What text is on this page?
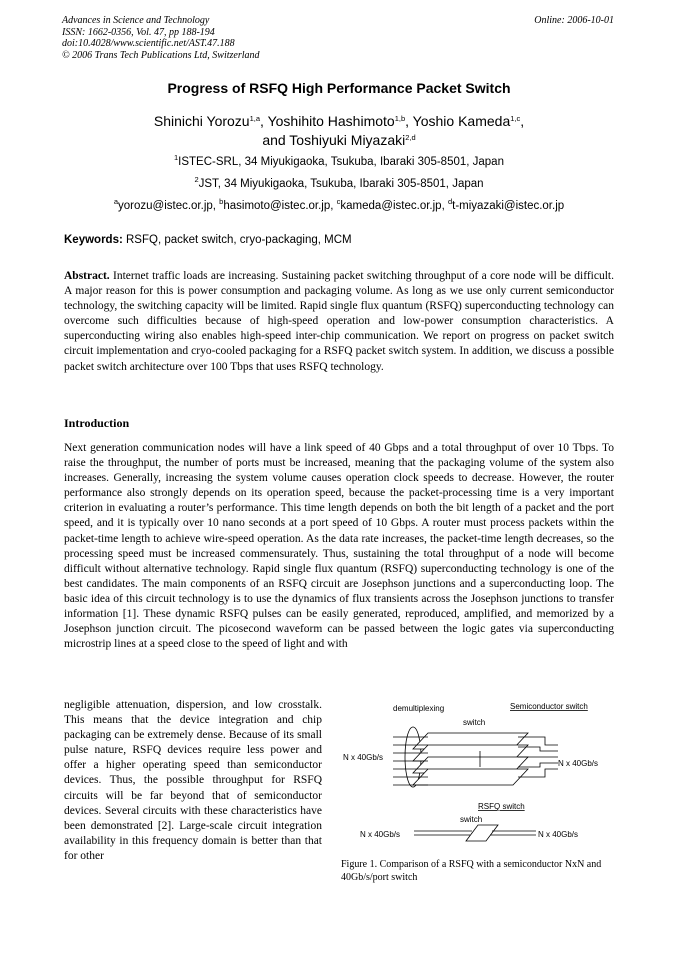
Advances in Science and Technology
ISSN: 1662-0356, Vol. 47, pp 188-194
doi:10.4028/www.scientific.net/AST.47.188
© 2006 Trans Tech Publications Ltd, Switzerland
Online: 2006-10-01
Progress of RSFQ High Performance Packet Switch
Shinichi Yorozu$^{1,a}$, Yoshihito Hashimoto$^{1,b}$, Yoshio Kameda$^{1,c}$,
and Toshiyuki Miyazaki$^{2,d}$
$^1$ISTEC-SRL, 34 Miyukigaoka, Tsukuba, Ibaraki 305-8501, Japan
$^2$JST, 34 Miyukigaoka, Tsukuba, Ibaraki 305-8501, Japan
$^a$yorozu@istec.or.jp, $^b$hasimoto@istec.or.jp, $^c$kameda@istec.or.jp, $^d$t-miyazaki@istec.or.jp
Keywords: RSFQ, packet switch, cryo-packaging, MCM
Abstract. Internet traffic loads are increasing. Sustaining packet switching throughput of a core node will be difficult. A major reason for this is power consumption and packaging volume. As long as we use only current semiconductor technology, the switching capacity will be limited. Rapid single flux quantum (RSFQ) superconducting technology can overcome such difficulties because of high-speed operation and low-power consumption characteristics. A superconducting wiring also enables high-speed inter-chip communication. We report on progress on packet switch circuit implementation and cryo-cooled packaging for a RSFQ packet switch system. In addition, we discuss a possible packet switch architecture over 100 Tbps that uses RSFQ technology.
Introduction
Next generation communication nodes will have a link speed of 40 Gbps and a total throughput of over 10 Tbps. To raise the throughput, the number of ports must be increased, meaning that the packaging volume of the system also increases. Generally, increasing the system volume causes operation clock speeds to decrease. However, the router performance also strongly depends on its operation speed, because the packet-processing time is a very important criterion in evaluating a router’s performance. This time length depends on both the bit length of a packet and the port speed, and it is typically over 10 nano seconds at a port speed of 10 Gbps. A router must process packets within the packet-time length to achieve wire-speed operation. As the data rate increases, the packet-time length decreases, so the processing speed must be increased commensurately. Thus, sustaining the total throughput of a node will become difficult without alternative technology. Rapid single flux quantum (RSFQ) superconducting technology is one of the best candidates. The main components of an RSFQ circuit are Josephson junctions and a superconducting loop. The basic idea of this circuit technology is to use the dynamics of flux transients across the Josephson junctions to transfer information [1]. These dynamic RSFQ pulses can be easily generated, reproduced, amplified, and memorized by a Josephson junction circuit. The picosecond waveform can be passed between the logic gates via superconducting microstrip lines at a speed close to the speed of light and with
negligible attenuation, dispersion, and low crosstalk. This means that the device integration and chip packaging can be extremely dense. Because of its small pulse nature, RSFQ devices require less power and offer a higher operating speed than semiconductor devices. Thus, the possible throughput for RSFQ circuits will be far beyond that of semiconductor devices. Several circuits with these characteristics have been demonstrated [2]. Large-scale circuit integration availability in this frequency domain is better than that for other
demultiplexing
switch
Semiconductor switch
N x 40Gb/s
N x 40Gb/s
RSFQ switch
switch
N x 40Gb/s	N x 40Gb/s
Figure 1. Comparison of a RSFQ with a semiconductor NxN and 40Gb/s/port switch
